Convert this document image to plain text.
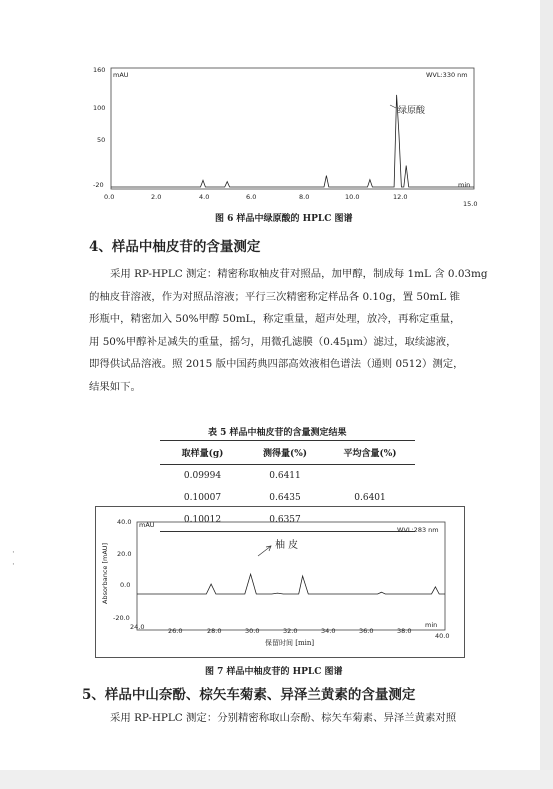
·
·
mAU	WVL:330 nm
min
160
100
50
-20
0.0	2.0	4.0	6.0	8.0	10.0	12.0
15.0
绿原酸
图 6 样品中绿原酸的 HPLC 图谱
4、样品中柚皮苷的含量测定

采用 RP-HPLC 测定：精密称取柚皮苷对照品，加甲醇，制成每 1mL 含 0.03mg

的柚皮苷溶液，作为对照品溶液；平行三次精密称定样品各 0.10g，置 50mL 锥

形瓶中，精密加入 50%甲醇 50mL，称定重量，超声处理，放冷，再称定重量，

用 50%甲醇补足减失的重量，摇匀，用微孔滤膜（0.45μm）滤过，取续滤液，

即得供试品溶液。照 2015 版中国药典四部高效液相色谱法（通则 0512）测定，

结果如下。

表 5 样品中柚皮苷的含量测定结果
取样量(g)	测得量(%)	平均含量(%)
0.09994	0.6411	
0.10007	0.6435	0.6401
0.10012	0.6357	
mAU
WVL:283 nm
min
Absorbance [mAU]
40.0
20.0
0.0
-20.0
24.0	26.0	28.0	30.0	32.0	34.0	36.0	38.0
40.0
保留时间 [min]
柚 皮
图 7 样品中柚皮苷的 HPLC 图谱
5、样品中山奈酚、棕矢车菊素、异泽兰黄素的含量测定

采用 RP-HPLC 测定：分别精密称取山奈酚、棕矢车菊素、异泽兰黄素对照
